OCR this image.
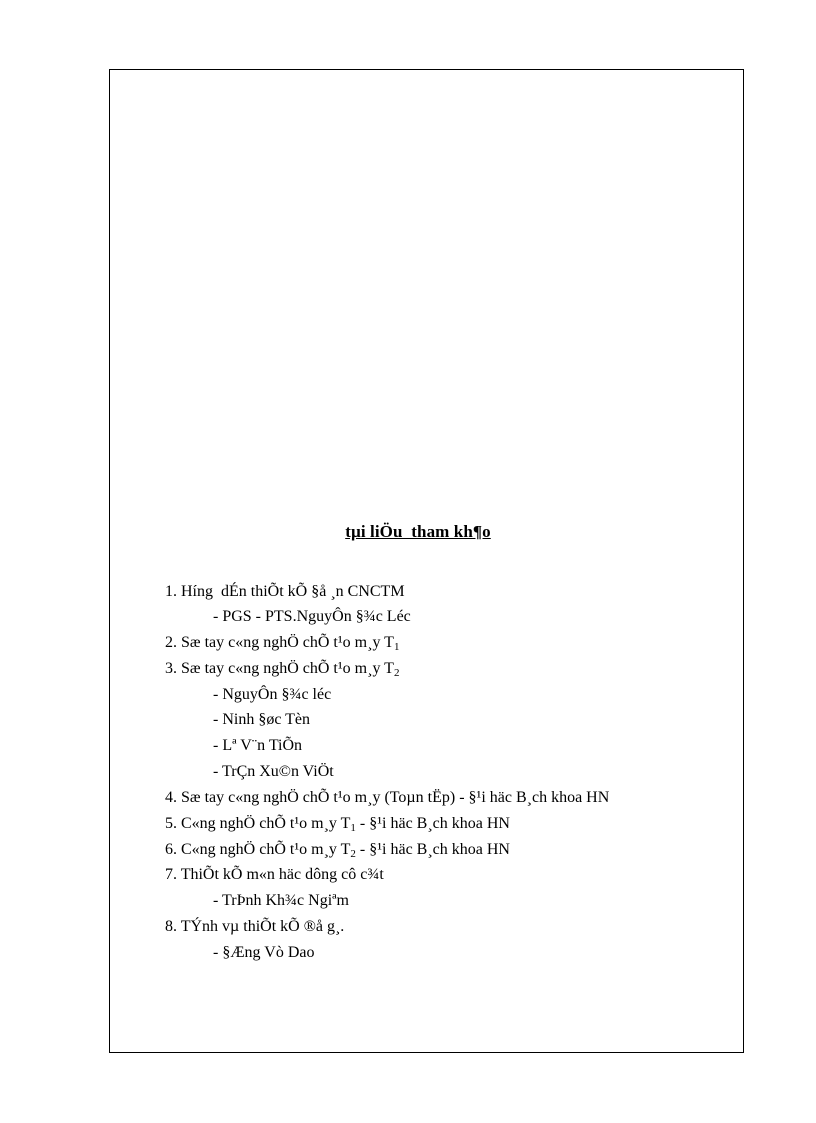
tµi liÖu  tham kh¶o
1. Híng  dÉn thiÕt kÕ §å ¸n CNCTM
- PGS - PTS.NguyÔn §¾c Léc
2. Sæ tay c«ng nghÖ chÕ t¹o m¸y $T_1$
3. Sæ tay c«ng nghÖ chÕ t¹o m¸y $T_2$
- NguyÔn §¾c léc
- Ninh §øc Tèn
- Lª V¨n TiÕn
- TrÇn Xu©n ViÖt
4. Sæ tay c«ng nghÖ chÕ t¹o m¸y (Toµn tËp) - §¹i häc B¸ch khoa HN
5. C«ng nghÖ chÕ t¹o m¸y $T_1$ - §¹i häc B¸ch khoa HN
6. C«ng nghÖ chÕ t¹o m¸y $T_2$ - §¹i häc B¸ch khoa HN
7. ThiÕt kÕ m«n häc dông cô c¾t
- TrÞnh Kh¾c Ngiªm
8. TÝnh vµ thiÕt kÕ ®å g¸.
- §Æng Vò Dao
